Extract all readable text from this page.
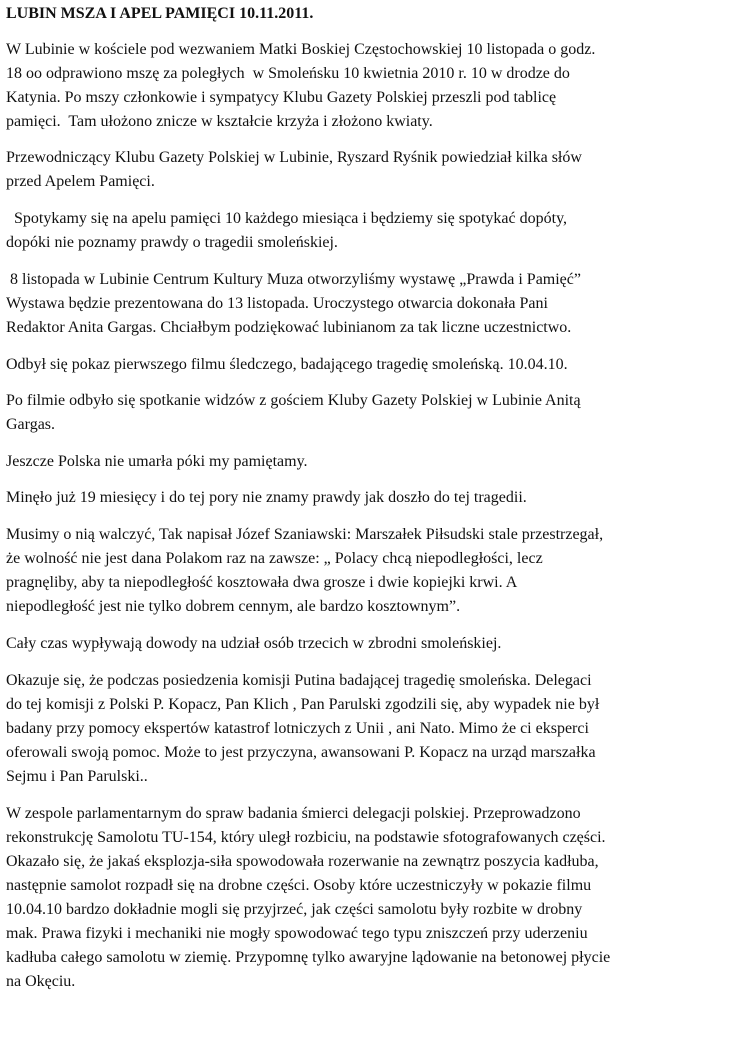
LUBIN MSZA I APEL PAMIĘCI 10.11.2011.
W Lubinie w kościele pod wezwaniem Matki Boskiej Częstochowskiej 10 listopada o godz.
18 oo odprawiono mszę za poległych  w Smoleńsku 10 kwietnia 2010 r. 10 w drodze do
Katynia. Po mszy członkowie i sympatycy Klubu Gazety Polskiej przeszli pod tablicę
pamięci.  Tam ułożono znicze w kształcie krzyża i złożono kwiaty.
Przewodniczący Klubu Gazety Polskiej w Lubinie, Ryszard Ryśnik powiedział kilka słów
przed Apelem Pamięci.
Spotykamy się na apelu pamięci 10 każdego miesiąca i będziemy się spotykać dopóty,
dopóki nie poznamy prawdy o tragedii smoleńskiej.
8 listopada w Lubinie Centrum Kultury Muza otworzyliśmy wystawę „Prawda i Pamięć”
Wystawa będzie prezentowana do 13 listopada. Uroczystego otwarcia dokonała Pani
Redaktor Anita Gargas. Chciałbym podziękować lubinianom za tak liczne uczestnictwo.
Odbył się pokaz pierwszego filmu śledczego, badającego tragedię smoleńską. 10.04.10.
Po filmie odbyło się spotkanie widzów z gościem Kluby Gazety Polskiej w Lubinie Anitą
Gargas.
Jeszcze Polska nie umarła póki my pamiętamy.
Minęło już 19 miesięcy i do tej pory nie znamy prawdy jak doszło do tej tragedii.
Musimy o nią walczyć, Tak napisał Józef Szaniawski: Marszałek Piłsudski stale przestrzegał,
że wolność nie jest dana Polakom raz na zawsze: „ Polacy chcą niepodległości, lecz
pragnęliby, aby ta niepodległość kosztowała dwa grosze i dwie kopiejki krwi. A
niepodległość jest nie tylko dobrem cennym, ale bardzo kosztownym”.
Cały czas wypływają dowody na udział osób trzecich w zbrodni smoleńskiej.
Okazuje się, że podczas posiedzenia komisji Putina badającej tragedię smoleńska. Delegaci
do tej komisji z Polski P. Kopacz, Pan Klich , Pan Parulski zgodzili się, aby wypadek nie był
badany przy pomocy ekspertów katastrof lotniczych z Unii , ani Nato. Mimo że ci eksperci
oferowali swoją pomoc. Może to jest przyczyna, awansowani P. Kopacz na urząd marszałka
Sejmu i Pan Parulski..
W zespole parlamentarnym do spraw badania śmierci delegacji polskiej. Przeprowadzono
rekonstrukcję Samolotu TU-154, który uległ rozbiciu, na podstawie sfotografowanych części.
Okazało się, że jakaś eksplozja-siła spowodowała rozerwanie na zewnątrz poszycia kadłuba,
następnie samolot rozpadł się na drobne części. Osoby które uczestniczyły w pokazie filmu
10.04.10 bardzo dokładnie mogli się przyjrzeć, jak części samolotu były rozbite w drobny
mak. Prawa fizyki i mechaniki nie mogły spowodować tego typu zniszczeń przy uderzeniu
kadłuba całego samolotu w ziemię. Przypomnę tylko awaryjne lądowanie na betonowej płycie
na Okęciu.
